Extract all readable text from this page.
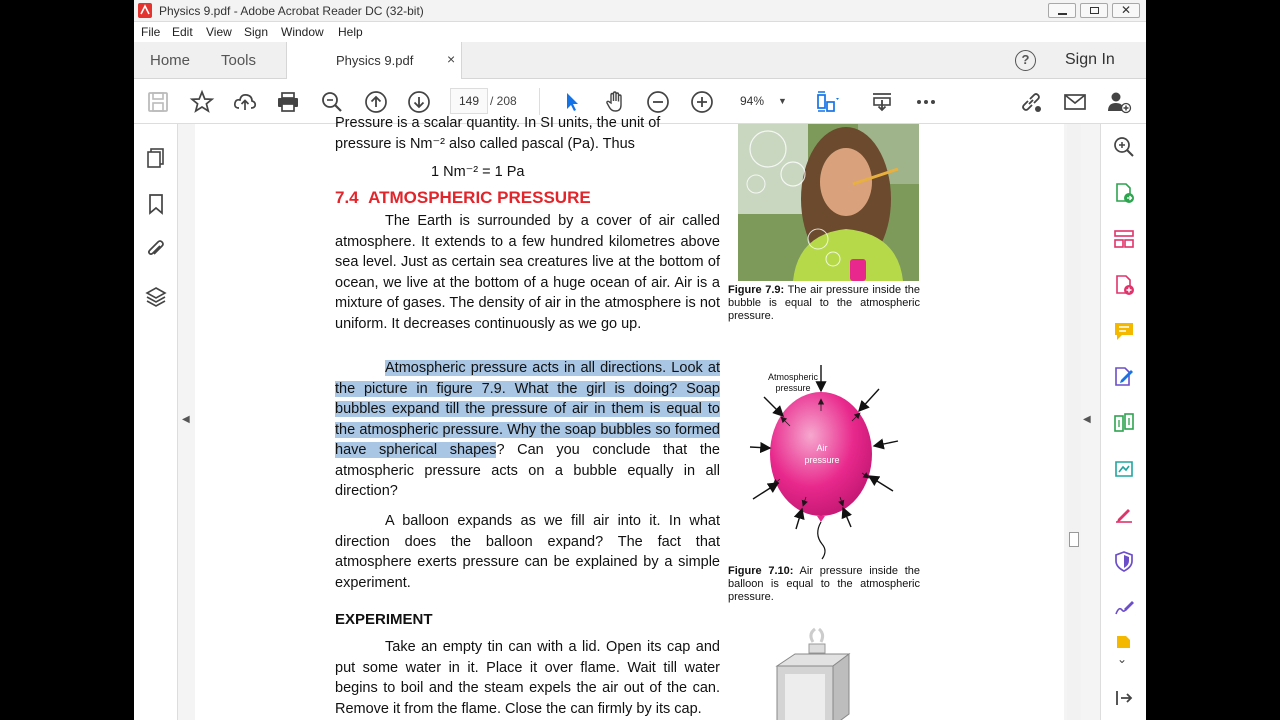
Physics 9.pdf - Adobe Acrobat Reader DC (32-bit)	✕
File Edit View Sign Window Help
Home Tools	Physics 9.pdf ×	?	Sign In
149 / 208	94% ▼
◀	◀
Pressure is a scalar quantity. In SI units, the unit of
pressure is Nm⁻² also called pascal (Pa). Thus
1 Nm⁻² = 1 Pa
7.4 ATMOSPHERIC PRESSURE

The Earth is surrounded by a cover of air called atmosphere. It extends to a few hundred kilometres above sea level. Just as certain sea creatures live at the bottom of ocean, we live at the bottom of a huge ocean of air. Air is a mixture of gases. The density of air in the atmosphere is not uniform. It decreases continuously as we go up.

Atmospheric pressure acts in all directions. Look at the picture in figure 7.9. What the girl is doing? Soap bubbles expand till the pressure of air in them is equal to the atmospheric pressure. Why the soap bubbles so formed have spherical shapes? Can you conclude that the atmospheric pressure acts on a bubble equally in all direction?

A balloon expands as we fill air into it. In what direction does the balloon expand? The fact that atmosphere exerts pressure can be explained by a simple experiment.

EXPERIMENT

Take an empty tin can with a lid. Open its cap and put some water in it. Place it over flame. Wait till water begins to boil and the steam expels the air out of the can. Remove it from the flame. Close the can firmly by its cap.

Figure 7.9: The air pressure inside the bubble is equal to the atmospheric pressure.

Atmospheric
pressure
Air
pressure

Figure 7.10: Air pressure inside the balloon is equal to the atmospheric pressure.

⌄
